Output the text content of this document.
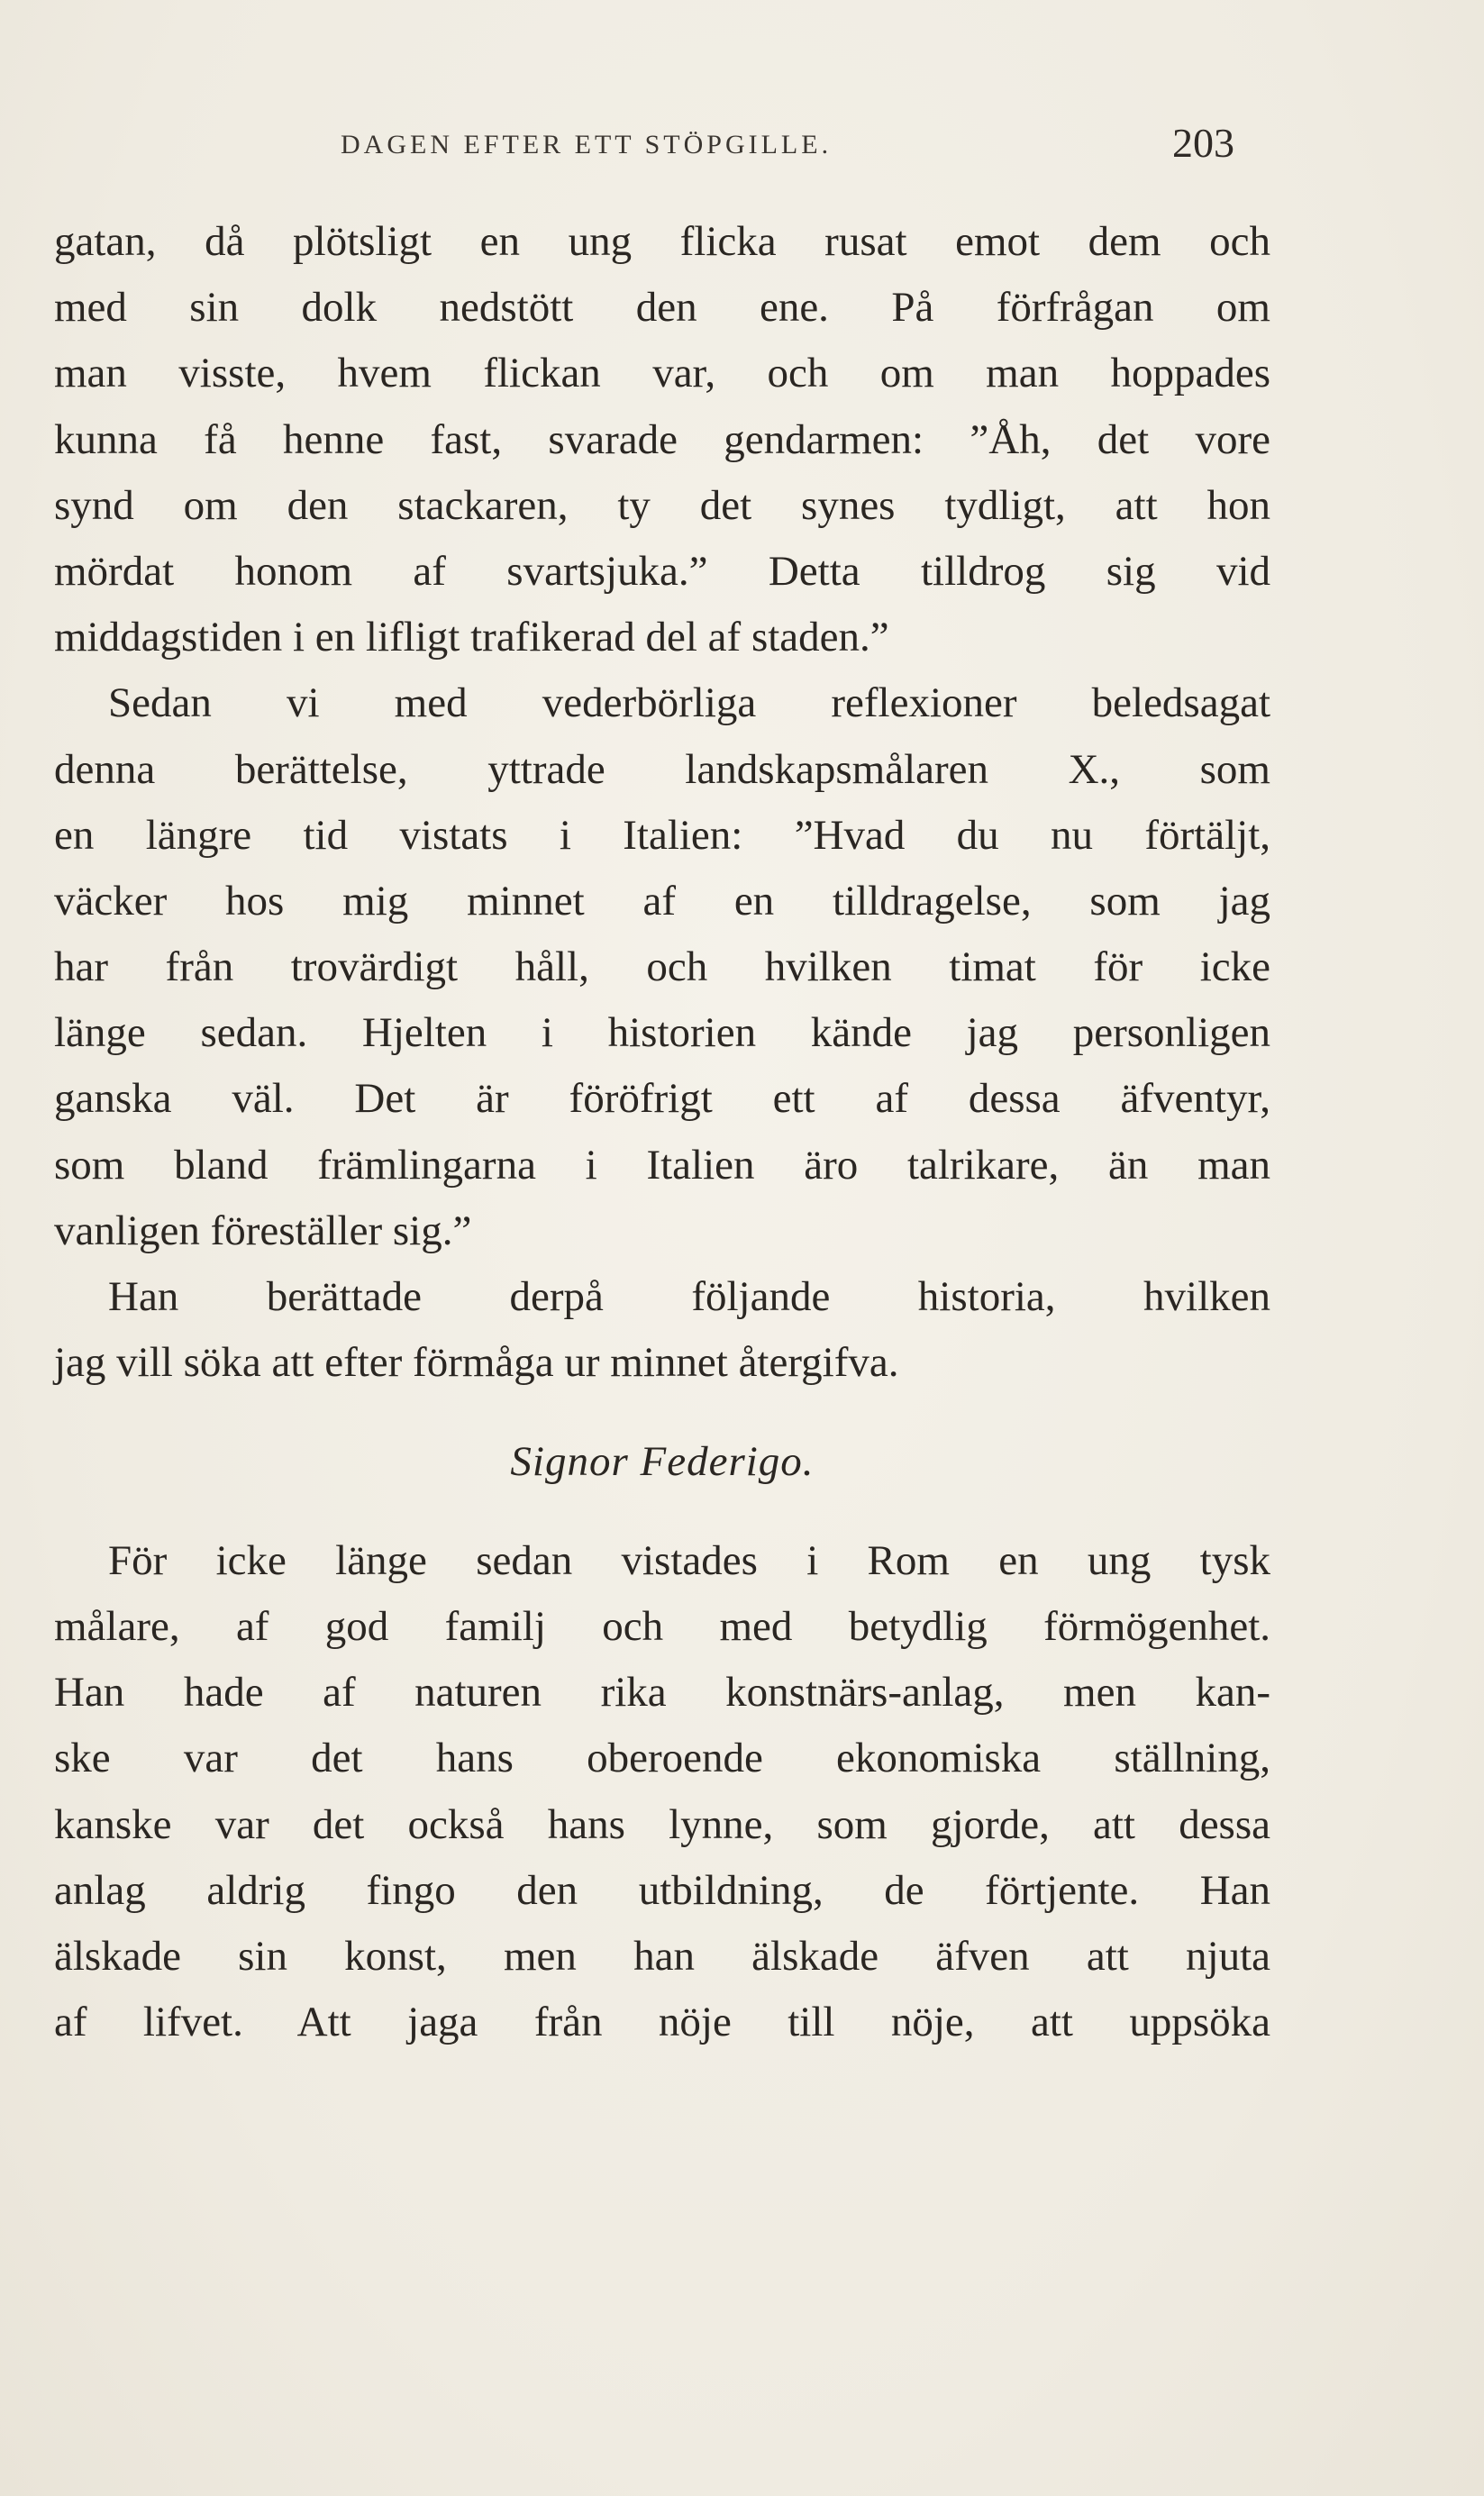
DAGEN EFTER ETT STÖPGILLE.	203
gatan, då plötsligt en ung flicka rusat emot dem och
med sin dolk nedstött den ene. På förfrågan om
man visste, hvem flickan var, och om man hoppades
kunna få henne fast, svarade gendarmen: ”Åh, det vore
synd om den stackaren, ty det synes tydligt, att hon
mördat honom af svartsjuka.” Detta tilldrog sig vid
middagstiden i en lifligt trafikerad del af staden.”
Sedan vi med vederbörliga reflexioner beledsagat
denna berättelse, yttrade landskapsmålaren X., som
en längre tid vistats i Italien: ”Hvad du nu förtäljt,
väcker hos mig minnet af en tilldragelse, som jag
har från trovärdigt håll, och hvilken timat för icke
länge sedan. Hjelten i historien kände jag personligen
ganska väl. Det är föröfrigt ett af dessa äfventyr,
som bland främlingarna i Italien äro talrikare, än man
vanligen föreställer sig.”
Han berättade derpå följande historia, hvilken
jag vill söka att efter förmåga ur minnet återgifva.
Signor Federigo.
För icke länge sedan vistades i Rom en ung tysk
målare, af god familj och med betydlig förmögenhet.
Han hade af naturen rika konstnärs-anlag, men kan-
ske var det hans oberoende ekonomiska ställning,
kanske var det också hans lynne, som gjorde, att dessa
anlag aldrig fingo den utbildning, de förtjente. Han
älskade sin konst, men han älskade äfven att njuta
af lifvet. Att jaga från nöje till nöje, att uppsöka
